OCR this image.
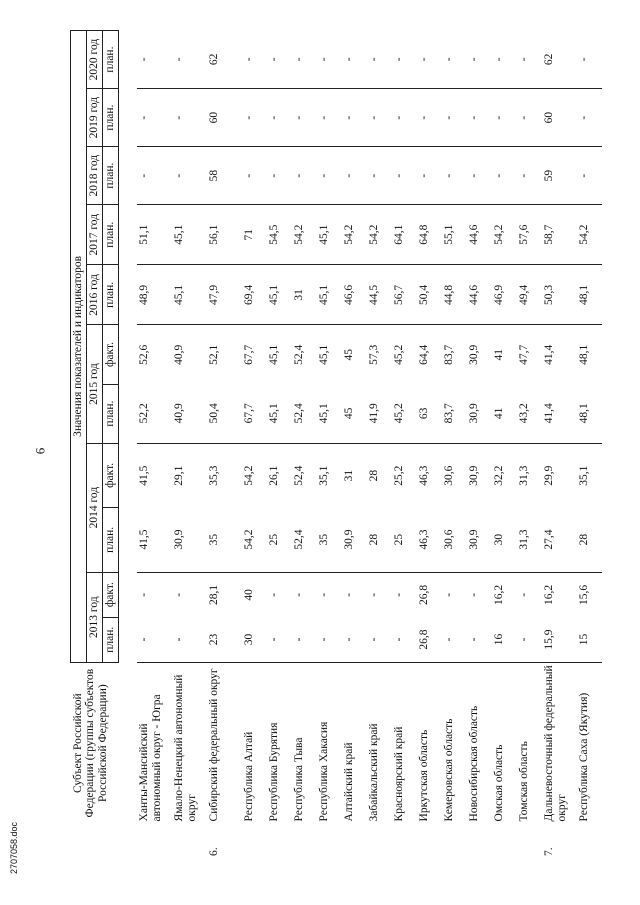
6
2707058.doc
	Субъект Российской Федерации (группы субъектов Российской Федерации)	Значения показателей и индикаторов										
		2013 год		2014 год		2015 год		2016 год	2017 год	2018 год	2019 год	2020 год
		план.	факт.	план.	факт.	план.	факт.	план.	план.	план.	план.	план.

	Ханты-Мансийский автономный округ - Югра	-	-	41,5	41,5	52,2	52,6	48,9	51,1	-	-	-
	Ямало-Ненецкий автономный округ	-	-	30,9	29,1	40,9	40,9	45,1	45,1	-	-	-
6.	Сибирский федеральный округ	23	28,1	35	35,3	50,4	52,1	47,9	56,1	58	60	62
	Республика Алтай	30	40	54,2	54,2	67,7	67,7	69,4	71	-	-	-
	Республика Бурятия	-	-	25	26,1	45,1	45,1	45,1	54,5	-	-	-
	Республика Тыва	-	-	52,4	52,4	52,4	52,4	31	54,2	-	-	-
	Республика Хакасия	-	-	35	35,1	45,1	45,1	45,1	45,1	-	-	-
	Алтайский край	-	-	30,9	31	45	45	46,6	54,2	-	-	-
	Забайкальский край	-	-	28	28	41,9	57,3	44,5	54,2	-	-	-
	Красноярский край	-	-	25	25,2	45,2	45,2	56,7	64,1	-	-	-
	Иркутская область	26,8	26,8	46,3	46,3	63	64,4	50,4	64,8	-	-	-
	Кемеровская область	-	-	30,6	30,6	83,7	83,7	44,8	55,1	-	-	-
	Новосибирская область	-	-	30,9	30,9	30,9	30,9	44,6	44,6	-	-	-
	Омская область	16	16,2	30	32,2	41	41	46,9	54,2	-	-	-
	Томская область	-	-	31,3	31,3	43,2	47,7	49,4	57,6	-	-	-
7.	Дальневосточный федеральный округ	15,9	16,2	27,4	29,9	41,4	41,4	50,3	58,7	59	60	62
	Республика Саха (Якутия)	15	15,6	28	35,1	48,1	48,1	48,1	54,2	-	-	-
